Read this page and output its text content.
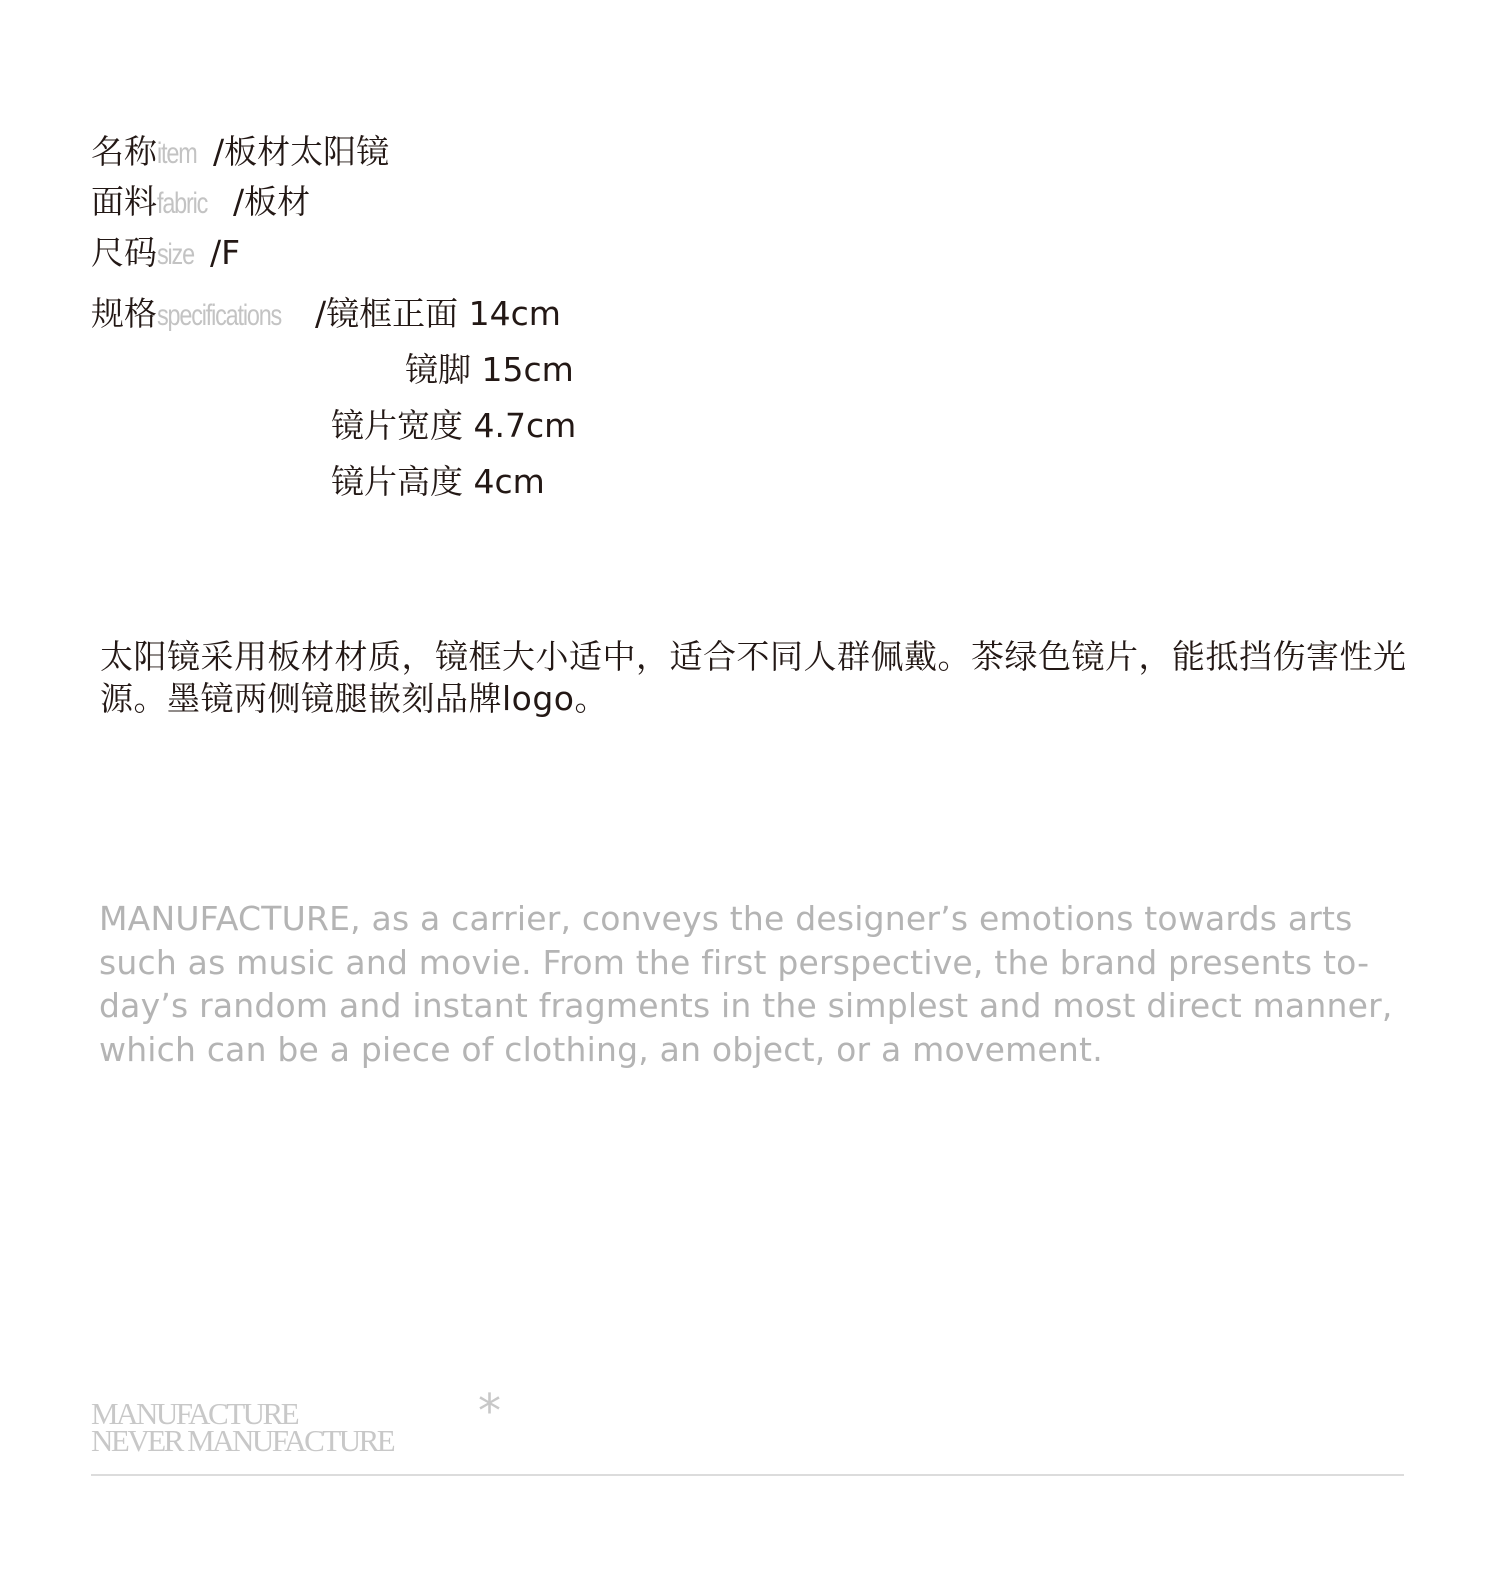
名称 item /板材太阳镜
面料 fabric /板材
尺码 size /F
规格 specifications	/镜框正面 14cm
镜脚 15cm
镜片宽度 4.7cm
镜片高度 4cm
太阳镜采用板材材质，镜框大小适中，适合不同人群佩戴。茶绿色镜片，能抵挡伤害性光源。墨镜两侧镜腿嵌刻品牌logo。
MANUFACTURE, as a carrier, conveys the designer’s emotions towards arts such as music and movie. From the first perspective, the brand presents to-day’s random and instant fragments in the simplest and most direct manner, which can be a piece of clothing, an object, or a movement.
MANUFACTURE
NEVER MANUFACTURE
*
